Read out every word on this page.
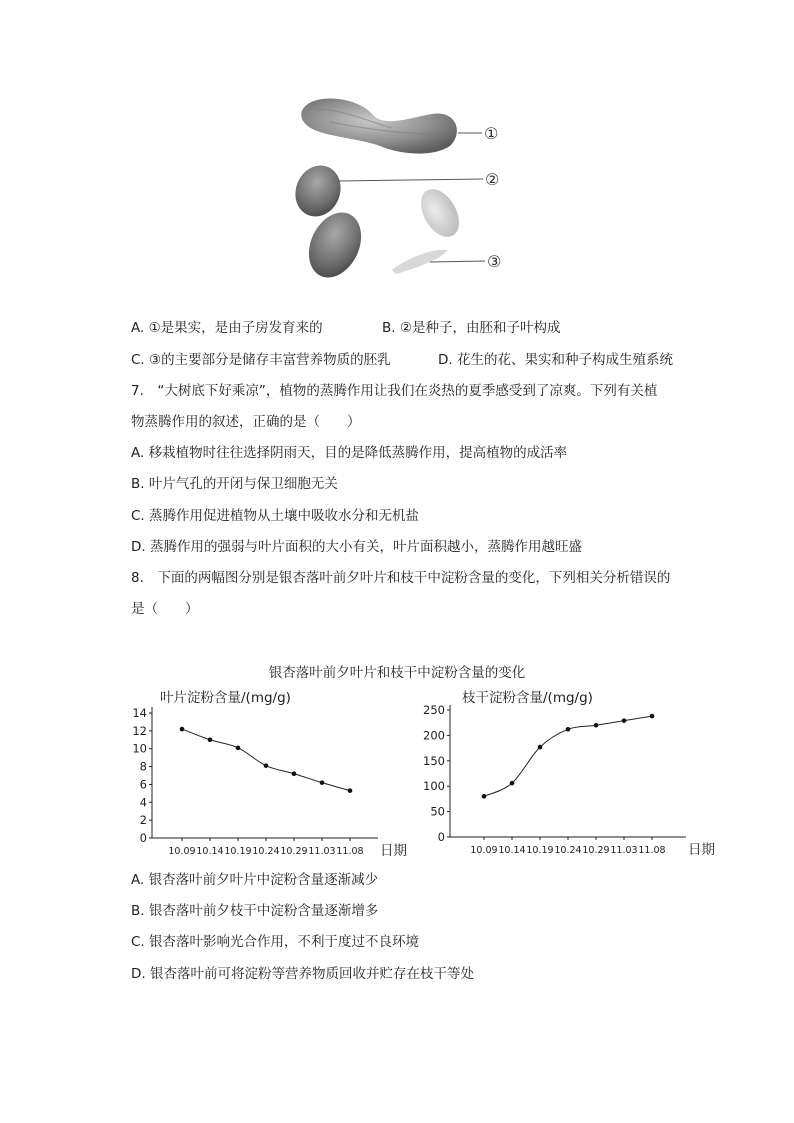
①
②
③
A. ①是果实，是由子房发育来的	B. ②是种子，由胚和子叶构成
C. ③的主要部分是储存丰富营养物质的胚乳	D. 花生的花、果实和种子构成生殖系统
7.　“大树底下好乘凉”，植物的蒸腾作用让我们在炎热的夏季感受到了凉爽。下列有关植
物蒸腾作用的叙述，正确的是（　　）
A. 移栽植物时往往选择阴雨天，目的是降低蒸腾作用，提高植物的成活率
B. 叶片气孔的开闭与保卫细胞无关
C. 蒸腾作用促进植物从土壤中吸收水分和无机盐
D. 蒸腾作用的强弱与叶片面积的大小有关，叶片面积越小，蒸腾作用越旺盛
8.　下面的两幅图分别是银杏落叶前夕叶片和枝干中淀粉含量的变化，下列相关分析错误的
是（　　）
银杏落叶前夕叶片和枝干中淀粉含量的变化
叶片淀粉含量/(mg/g)
0
2
4
6
8
10
12
14
10.09 10.14 10.19 10.24 10.29 11.03 11.08 日期
枝干淀粉含量/(mg/g)
0
50
100
150
200
250
10.09 10.14 10.19 10.24 10.29 11.03 11.08 日期
A. 银杏落叶前夕叶片中淀粉含量逐渐减少
B. 银杏落叶前夕枝干中淀粉含量逐渐增多
C. 银杏落叶影响光合作用，不利于度过不良环境
D. 银杏落叶前可将淀粉等营养物质回收并贮存在枝干等处
